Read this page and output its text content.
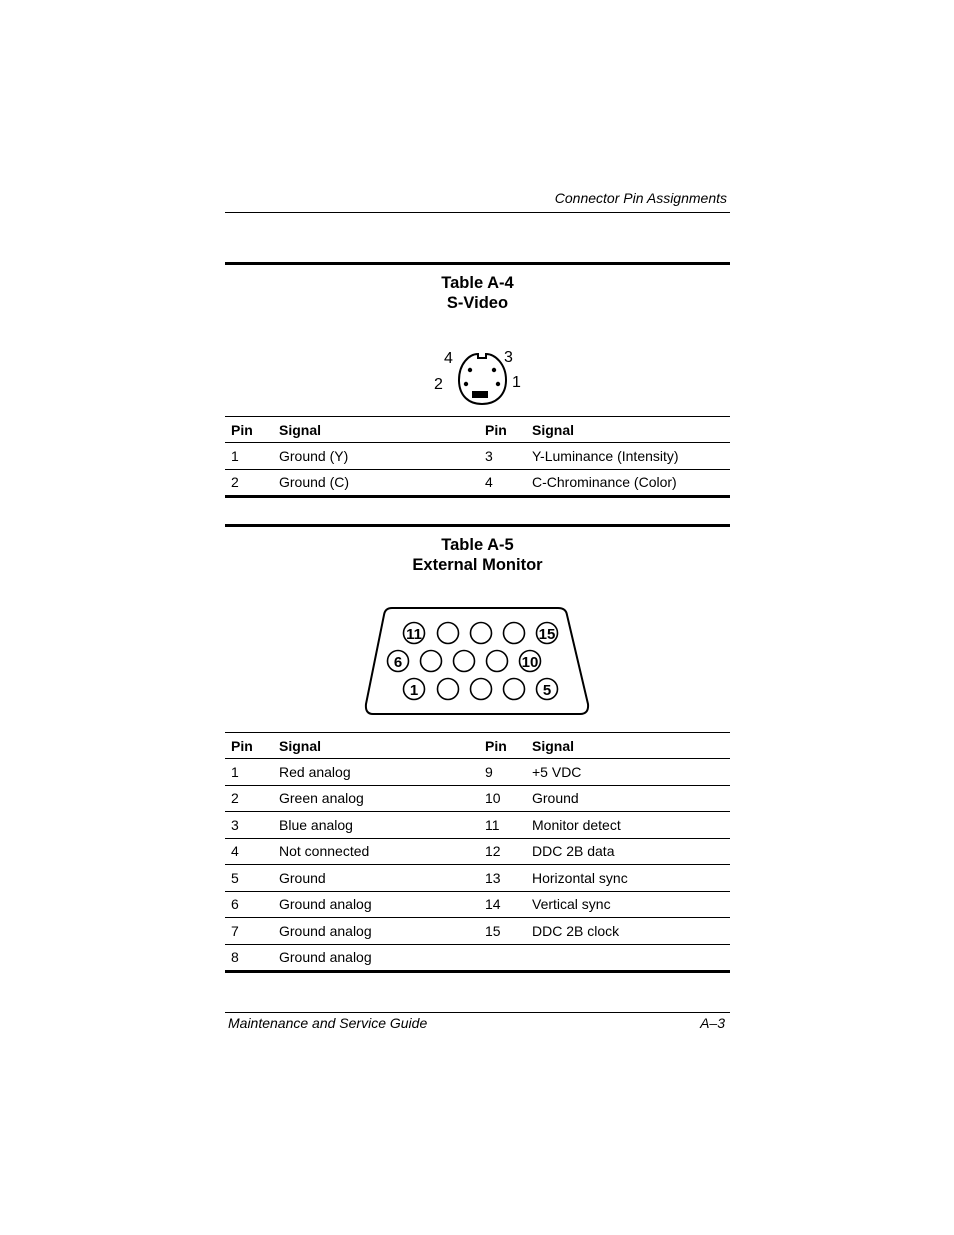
Connector Pin Assignments
Table A-4
S-Video
4	3
2	1
Pin	Signal	Pin	Signal
1	Ground (Y)	3	Y-Luminance (Intensity)
2	Ground (C)	4	C-Chrominance (Color)
Table A-5
External Monitor
11	15
6	10
1	5
Pin	Signal	Pin	Signal
1	Red analog	9	+5 VDC
2	Green analog	10	Ground
3	Blue analog	11	Monitor detect
4	Not connected	12	DDC 2B data
5	Ground	13	Horizontal sync
6	Ground analog	14	Vertical sync
7	Ground analog	15	DDC 2B clock
8	Ground analog		
Maintenance and Service Guide	A–3
